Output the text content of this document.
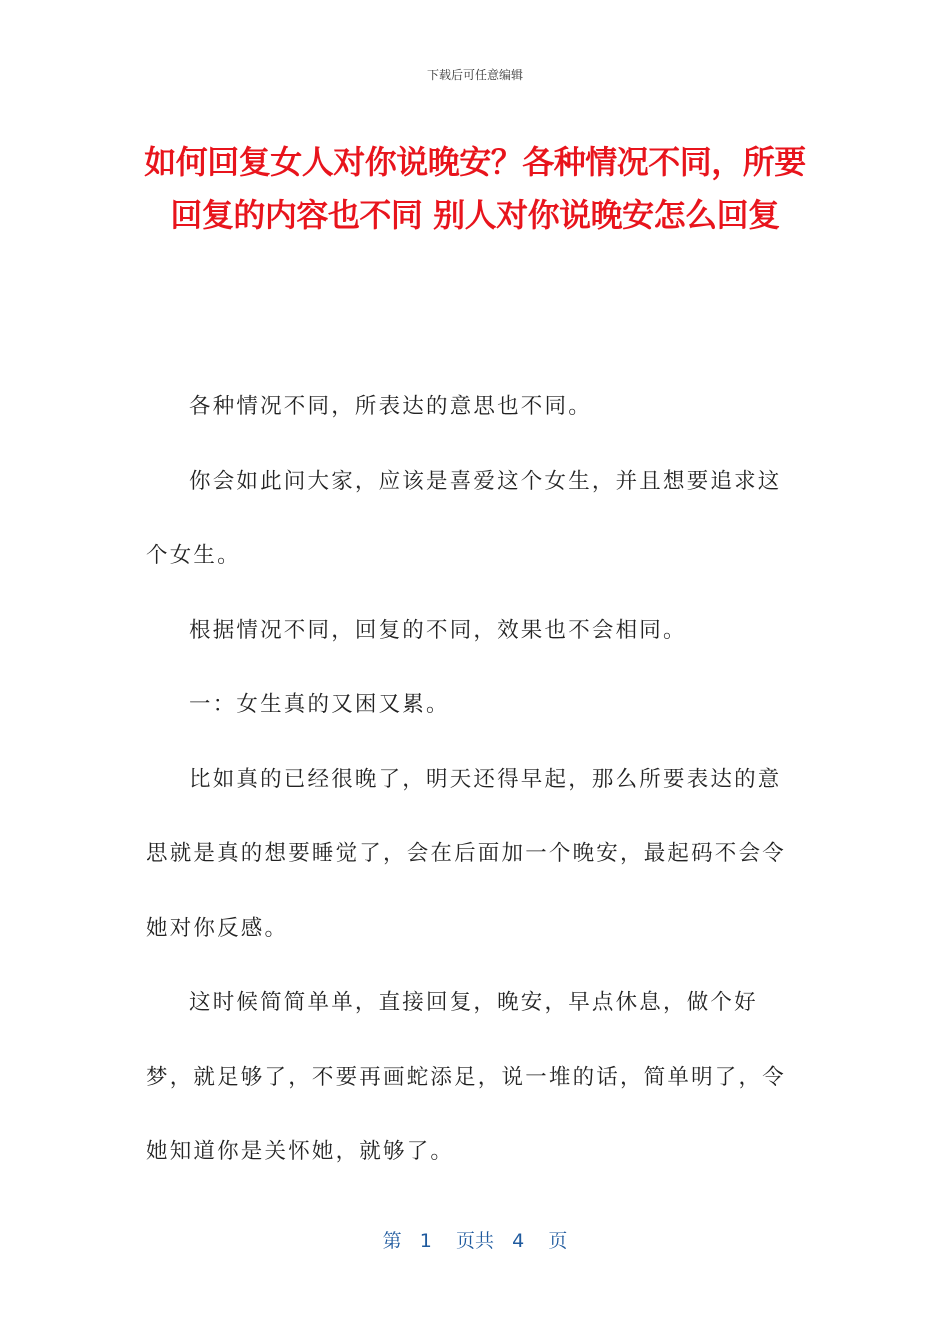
下载后可任意编辑
如何回复女人对你说晚安？各种情况不同，所要回复的内容也不同 别人对你说晚安怎么回复

各种情况不同，所表达的意思也不同。

你会如此问大家，应该是喜爱这个女生，并且想要追求这个女生。

根据情况不同，回复的不同，效果也不会相同。

一：女生真的又困又累。

比如真的已经很晚了，明天还得早起，那么所要表达的意思就是真的想要睡觉了，会在后面加一个晚安，最起码不会令她对你反感。

这时候简简单单，直接回复，晚安，早点休息，做个好梦，就足够了，不要再画蛇添足，说一堆的话，简单明了，令她知道你是关怀她，就够了。

第 1 页共 4 页
